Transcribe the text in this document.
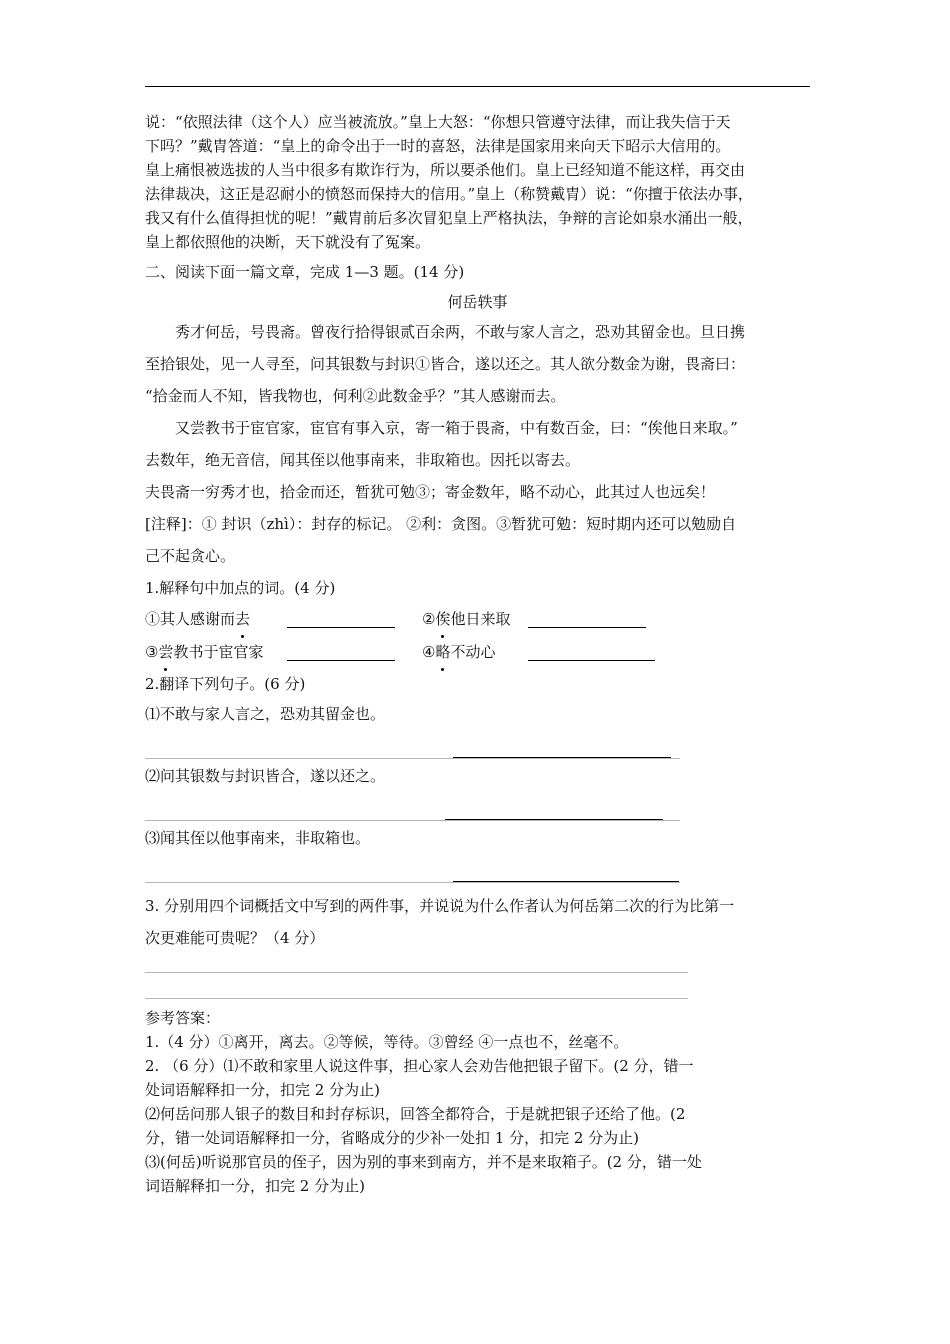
说：“依照法律（这个人）应当被流放。”皇上大怒：“你想只管遵守法律，而让我失信于天
下吗？”戴胄答道：“皇上的命令出于一时的喜怒，法律是国家用来向天下昭示大信用的。
皇上痛恨被选拔的人当中很多有欺诈行为，所以要杀他们。皇上已经知道不能这样，再交由
法律裁决，这正是忍耐小的愤怒而保持大的信用。”皇上（称赞戴胄）说：“你擅于依法办事，
我又有什么值得担忧的呢！”戴胄前后多次冒犯皇上严格执法，争辩的言论如泉水涌出一般，
皇上都依照他的决断，天下就没有了冤案。
二、阅读下面一篇文章，完成 1—3 题。(14 分)
何岳轶事
秀才何岳，号畏斋。曾夜行拾得银贰百余两，不敢与家人言之，恐劝其留金也。旦日携
至拾银处，见一人寻至，问其银数与封识①皆合，遂以还之。其人欲分数金为谢，畏斋曰：
“拾金而人不知，皆我物也，何利②此数金乎？”其人感谢而去。
又尝教书于宦官家，宦官有事入京，寄一箱于畏斋，中有数百金，曰：“俟他日来取。”
去数年，绝无音信，闻其侄以他事南来，非取箱也。因托以寄去。
夫畏斋一穷秀才也，拾金而还，暂犹可勉③；寄金数年，略不动心，此其过人也远矣！
[注释]：① 封识（zhì）：封存的标记。 ②利：贪图。③暂犹可勉：短时期内还可以勉励自
己不起贪心。
1.解释句中加点的词。(4 分)
①其人感谢而去	②俟他日来取
③尝教书于宦官家	④略不动心
2.翻译下列句子。(6 分)
⑴不敢与家人言之，恐劝其留金也。
⑵问其银数与封识皆合，遂以还之。
⑶闻其侄以他事南来，非取箱也。
3. 分别用四个词概括文中写到的两件事，并说说为什么作者认为何岳第二次的行为比第一
次更难能可贵呢？（4 分）
参考答案：
1.（4 分）①离开，离去。②等候，等待。③曾经 ④一点也不，丝毫不。
2. （6 分）⑴不敢和家里人说这件事，担心家人会劝告他把银子留下。(2 分，错一
处词语解释扣一分，扣完 2 分为止)
⑵何岳问那人银子的数目和封存标识，回答全都符合，于是就把银子还给了他。(2
分，错一处词语解释扣一分，省略成分的少补一处扣 1 分，扣完 2 分为止)
⑶(何岳)听说那官员的侄子，因为别的事来到南方，并不是来取箱子。(2 分，错一处
词语解释扣一分，扣完 2 分为止)
